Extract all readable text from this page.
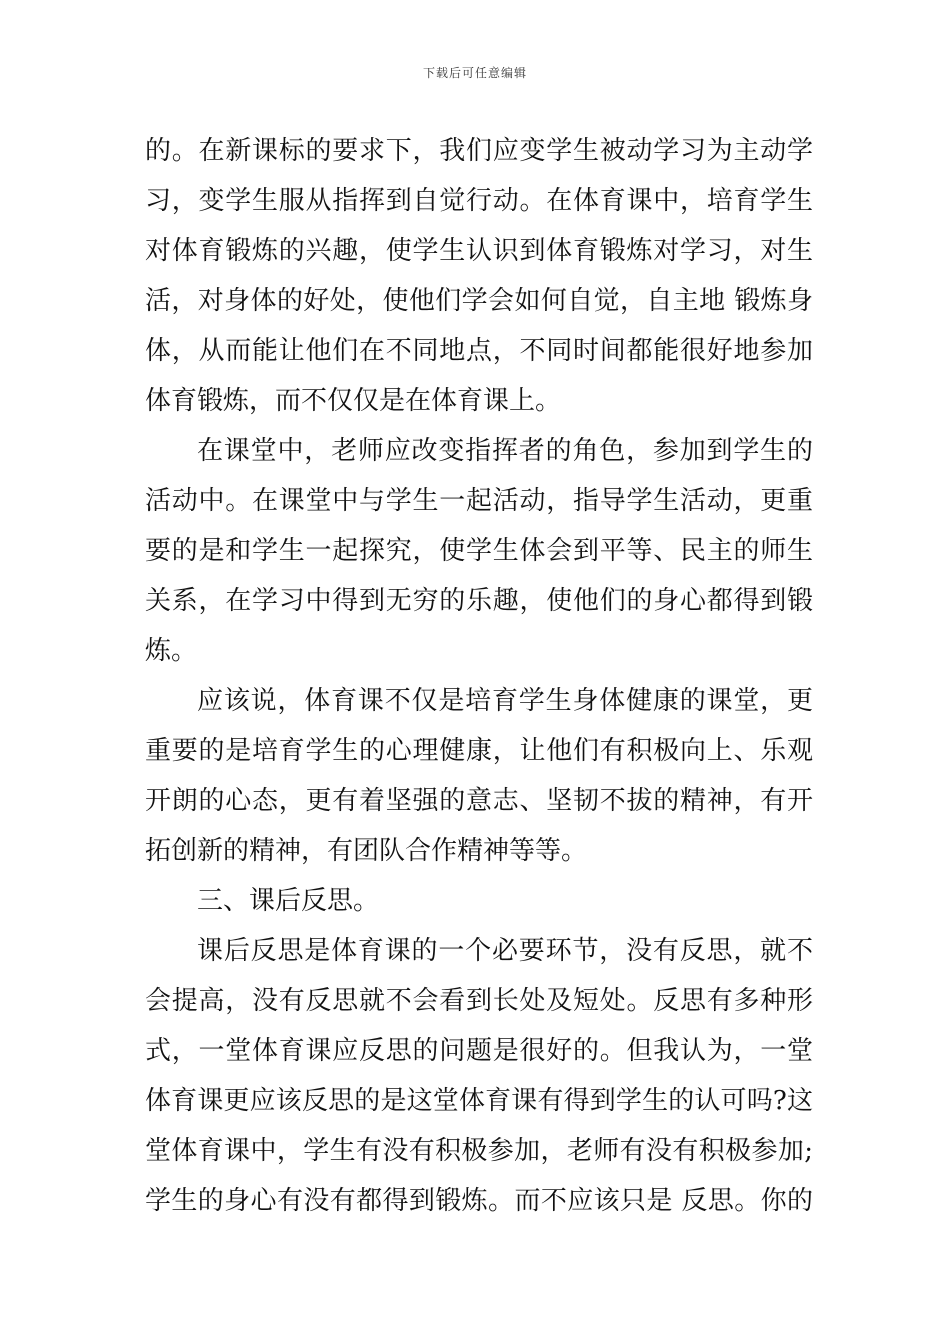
下载后可任意编辑
的。在新课标的要求下，我们应变学生被动学习为主动学
习，变学生服从指挥到自觉行动。在体育课中，培育学生
对体育锻炼的兴趣，使学生认识到体育锻炼对学习，对生
活，对身体的好处，使他们学会如何自觉，自主地 锻炼身
体，从而能让他们在不同地点，不同时间都能很好地参加
体育锻炼，而不仅仅是在体育课上。
在课堂中，老师应改变指挥者的角色，参加到学生的
活动中。在课堂中与学生一起活动，指导学生活动，更重
要的是和学生一起探究，使学生体会到平等、民主的师生
关系，在学习中得到无穷的乐趣，使他们的身心都得到锻
炼。
应该说，体育课不仅是培育学生身体健康的课堂，更
重要的是培育学生的心理健康，让他们有积极向上、乐观
开朗的心态，更有着坚强的意志、坚韧不拔的精神，有开
拓创新的精神，有团队合作精神等等。
三、课后反思。
课后反思是体育课的一个必要环节，没有反思，就不
会提高，没有反思就不会看到长处及短处。反思有多种形
式，一堂体育课应反思的问题是很好的。但我认为，一堂
体育课更应该反思的是这堂体育课有得到学生的认可吗?这
堂体育课中，学生有没有积极参加，老师有没有积极参加;
学生的身心有没有都得到锻炼。而不应该只是 反思。你的
